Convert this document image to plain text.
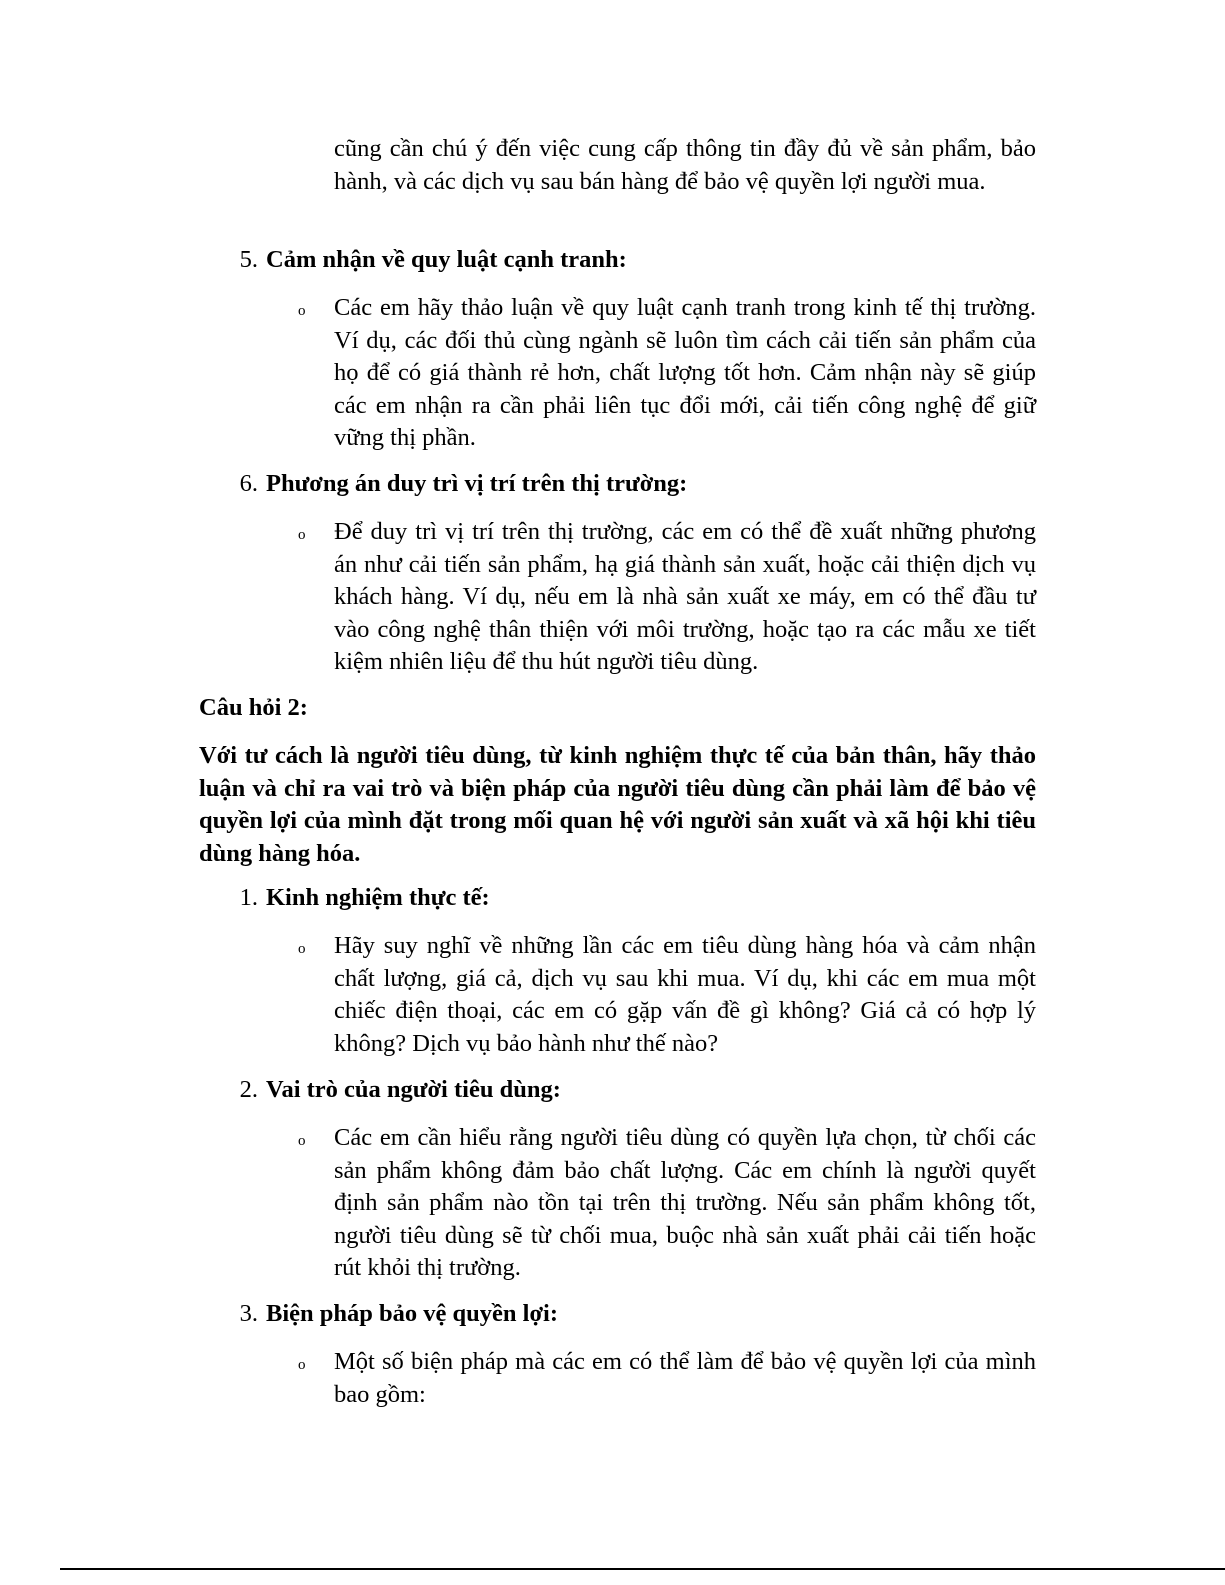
cũng cần chú ý đến việc cung cấp thông tin đầy đủ về sản phẩm, bảo hành, và các dịch vụ sau bán hàng để bảo vệ quyền lợi người mua.

5. Cảm nhận về quy luật cạnh tranh:
o Các em hãy thảo luận về quy luật cạnh tranh trong kinh tế thị trường. Ví dụ, các đối thủ cùng ngành sẽ luôn tìm cách cải tiến sản phẩm của họ để có giá thành rẻ hơn, chất lượng tốt hơn. Cảm nhận này sẽ giúp các em nhận ra cần phải liên tục đổi mới, cải tiến công nghệ để giữ vững thị phần.

6. Phương án duy trì vị trí trên thị trường:
o Để duy trì vị trí trên thị trường, các em có thể đề xuất những phương án như cải tiến sản phẩm, hạ giá thành sản xuất, hoặc cải thiện dịch vụ khách hàng. Ví dụ, nếu em là nhà sản xuất xe máy, em có thể đầu tư vào công nghệ thân thiện với môi trường, hoặc tạo ra các mẫu xe tiết kiệm nhiên liệu để thu hút người tiêu dùng.

Câu hỏi 2:

Với tư cách là người tiêu dùng, từ kinh nghiệm thực tế của bản thân, hãy thảo luận và chỉ ra vai trò và biện pháp của người tiêu dùng cần phải làm để bảo vệ quyền lợi của mình đặt trong mối quan hệ với người sản xuất và xã hội khi tiêu dùng hàng hóa.

1. Kinh nghiệm thực tế:
o Hãy suy nghĩ về những lần các em tiêu dùng hàng hóa và cảm nhận chất lượng, giá cả, dịch vụ sau khi mua. Ví dụ, khi các em mua một chiếc điện thoại, các em có gặp vấn đề gì không? Giá cả có hợp lý không? Dịch vụ bảo hành như thế nào?

2. Vai trò của người tiêu dùng:
o Các em cần hiểu rằng người tiêu dùng có quyền lựa chọn, từ chối các sản phẩm không đảm bảo chất lượng. Các em chính là người quyết định sản phẩm nào tồn tại trên thị trường. Nếu sản phẩm không tốt, người tiêu dùng sẽ từ chối mua, buộc nhà sản xuất phải cải tiến hoặc rút khỏi thị trường.

3. Biện pháp bảo vệ quyền lợi:
o Một số biện pháp mà các em có thể làm để bảo vệ quyền lợi của mình bao gồm:
